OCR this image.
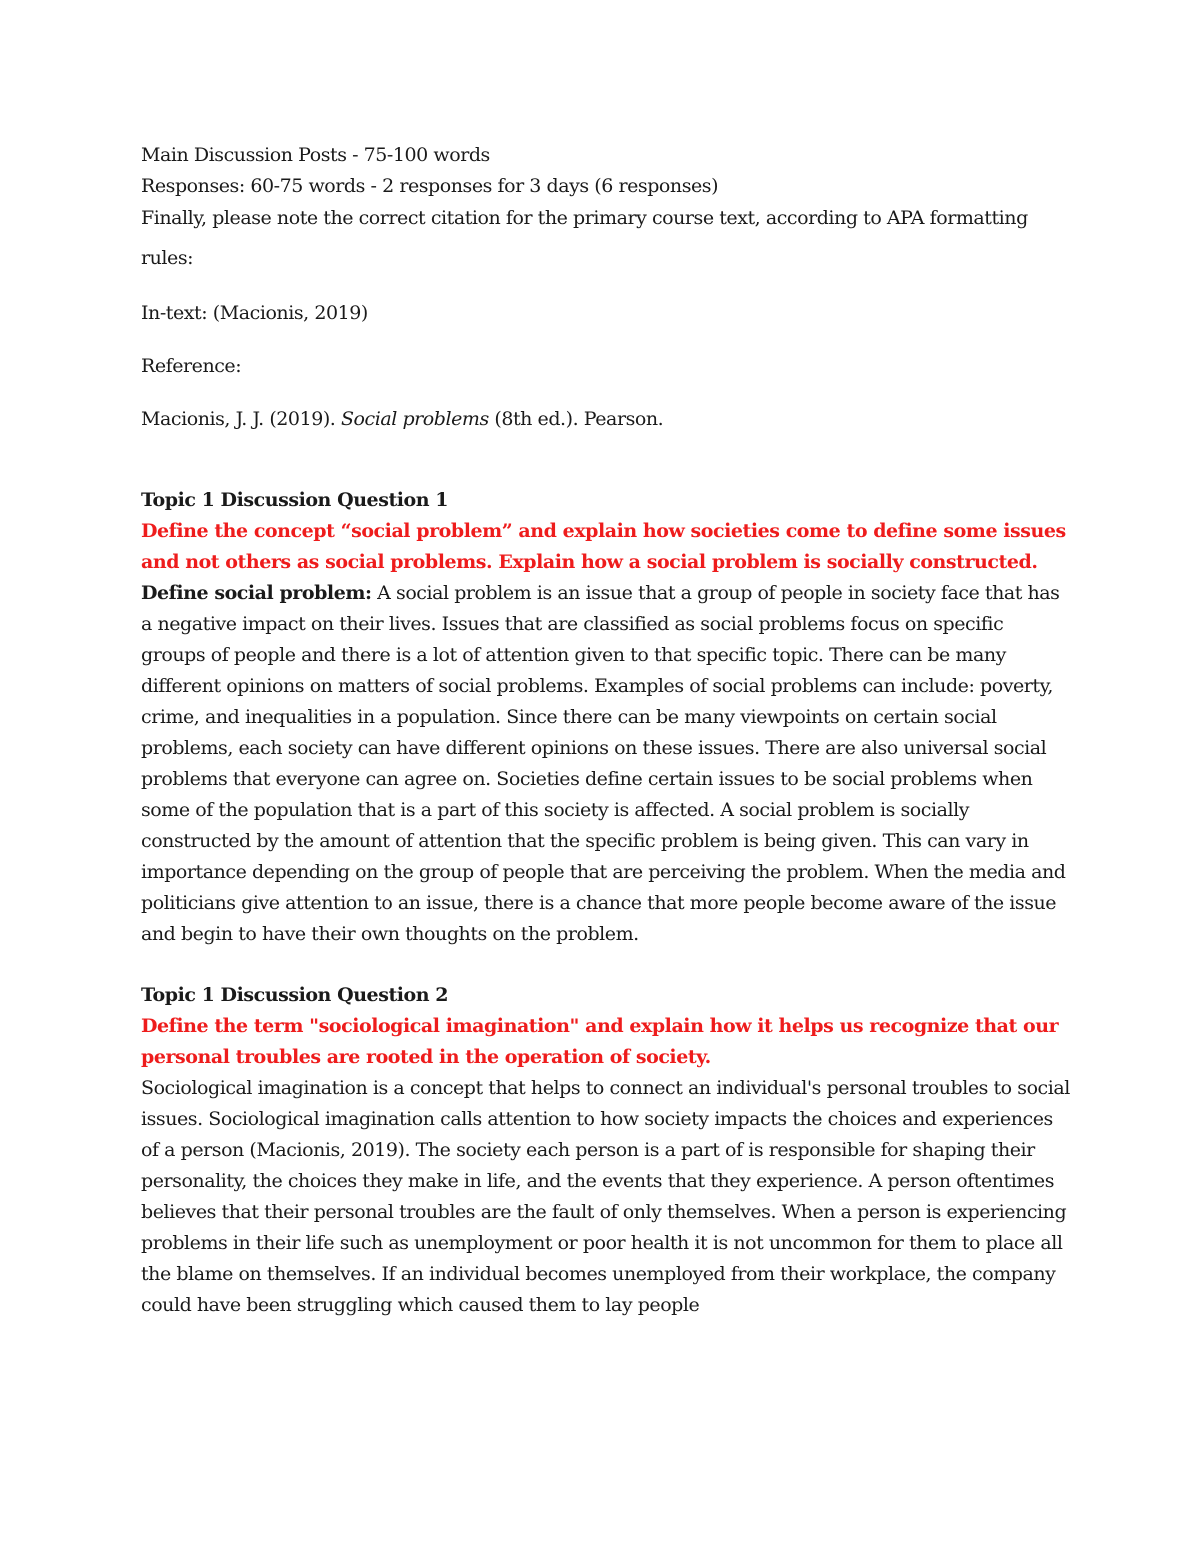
Main Discussion Posts - 75-100 words

Responses: 60-75 words - 2 responses for 3 days (6 responses)

Finally, please note the correct citation for the primary course text, according to APA formatting rules:

In-text: (Macionis, 2019)

Reference:

Macionis, J. J. (2019). Social problems (8th ed.). Pearson.

Topic 1 Discussion Question 1

Define the concept “social problem” and explain how societies come to define some issues and not others as social problems. Explain how a social problem is socially constructed.

Define social problem: A social problem is an issue that a group of people in society face that has a negative impact on their lives. Issues that are classified as social problems focus on specific groups of people and there is a lot of attention given to that specific topic. There can be many different opinions on matters of social problems. Examples of social problems can include: poverty, crime, and inequalities in a population. Since there can be many viewpoints on certain social problems, each society can have different opinions on these issues. There are also universal social problems that everyone can agree on. Societies define certain issues to be social problems when some of the population that is a part of this society is affected. A social problem is socially constructed by the amount of attention that the specific problem is being given. This can vary in importance depending on the group of people that are perceiving the problem. When the media and politicians give attention to an issue, there is a chance that more people become aware of the issue and begin to have their own thoughts on the problem.

Topic 1 Discussion Question 2

Define the term "sociological imagination" and explain how it helps us recognize that our personal troubles are rooted in the operation of society.

Sociological imagination is a concept that helps to connect an individual's personal troubles to social issues. Sociological imagination calls attention to how society impacts the choices and experiences of a person (Macionis, 2019). The society each person is a part of is responsible for shaping their personality, the choices they make in life, and the events that they experience. A person oftentimes believes that their personal troubles are the fault of only themselves. When a person is experiencing problems in their life such as unemployment or poor health it is not uncommon for them to place all the blame on themselves. If an individual becomes unemployed from their workplace, the company could have been struggling which caused them to lay people
